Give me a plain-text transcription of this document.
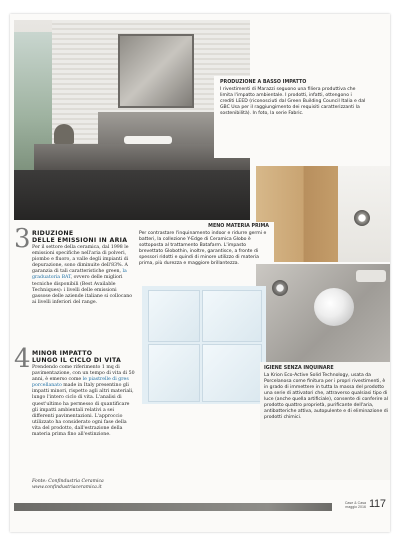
PRODUZIONE A BASSO IMPATTO
I rivestimenti di Marazzi seguono una filiera produttiva che limita l'impatto ambientale. I prodotti, infatti, ottengono i crediti LEED (riconosciuti dal Green Building Council Italia e dal GBC Usa per il raggiungimento dei requisiti caratterizzanti la sostenibilità). In foto, la serie Fabric.
MENO MATERIA PRIMA
Per contrastare l'inquinamento indoor e ridurre germi e batteri, la collezione Y-Edge di Ceramica Globo è sottoposta al trattamento Batafarm. L'impasto brevettato Globothin, inoltre, garantisce, a fronte di spessori ridotti e quindi di minore utilizzo di materia prima, più durezza e maggiore brillantezza.
IGIENE SENZA INQUINARE
La Krion Eco-Active Solid Technology, usata da Porcelanosa come finitura per i propri rivestimenti, è in grado di immettere in tutta la massa del prodotto una serie di attivatori che, attraverso qualsiasi tipo di luce (anche quella artificiale), consente di conferire al prodotto quattro proprietà, purificante dell'aria, antibatteriche attiva, autopulente e di eliminazione di prodotti chimici.
3 RIDUZIONE
DELLE EMISSIONI IN ARIA
Per il settore della ceramica, dal 1998 le emissioni specifiche nell'aria di polveri, piombo e fluoro, a valle degli impianti di depurazione, sono diminuite dell'83%. A garanzia di tali caratteristiche green, la graduatoria BAT, ovvero delle migliori tecniche disponibili (Best Available Techniques): i livelli delle emissioni gassose delle aziende italiane si collocano ai livelli inferiori del range.
4 MINOR IMPATTO
LUNGO IL CICLO DI VITA
Prendendo come riferimento 1 mq di pavimentazione, con un tempo di vita di 50 anni, è emerso come le piastrelle di gres porcellanato made in Italy presentino gli impatti minori, rispetto agli altri materiali, lungo l'intero ciclo di vita. L'analisi di quest'ultimo ha permesso di quantificare gli impatti ambientali relativi a sei differenti pavimentazioni. L'approccio utilizzato ha considerato ogni fase della vita del prodotto, dall'estrazione della materia prima fino all'estinzione.
Fonte: Confindustria Ceramica
www.confindustriaceramica.it
Case & Casa
maggio 2016 117
